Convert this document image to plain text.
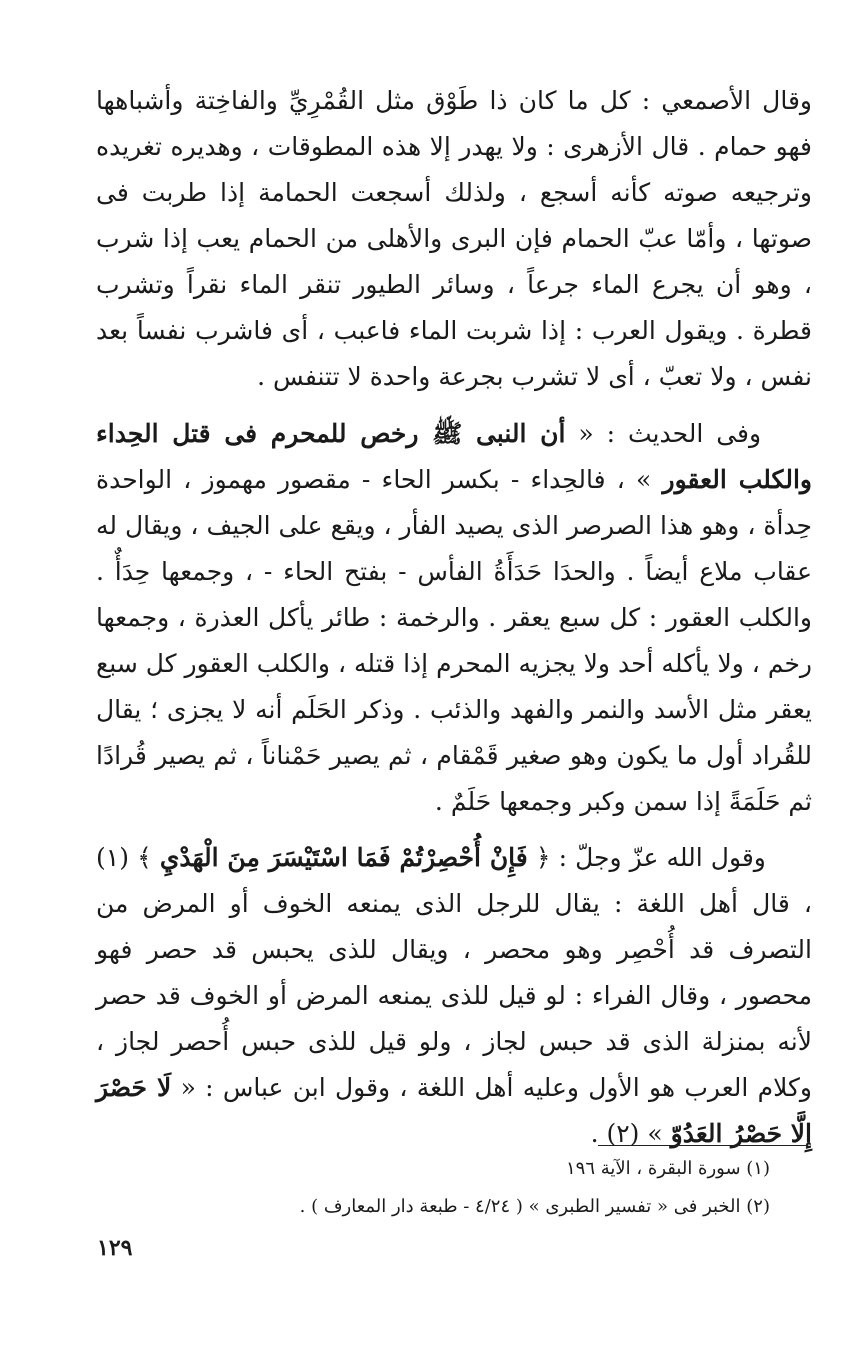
وقال الأصمعي : كل ما كان ذا طَوْق مثل القُمْرِيِّ والفاخِتة وأشباهها فهو حمام . قال الأزهرى : ولا يهدر إلا هذه المطوقات ، وهديره تغريده وترجيعه صوته كأنه أسجع ، ولذلك أسجعت الحمامة إذا طربت فى صوتها ، وأمّا عبّ الحمام فإن البرى والأهلى من الحمام يعب إذا شرب ، وهو أن يجرع الماء جرعاً ، وسائر الطيور تنقر الماء نقراً وتشرب قطرة . ويقول العرب : إذا شربت الماء فاعبب ، أى فاشرب نفساً بعد نفس ، ولا تعبّ ، أى لا تشرب بجرعة واحدة لا تتنفس .

وفى الحديث : « أن النبى ﷺ رخص للمحرم فى قتل الحِداء والكلب العقور » ، فالحِداء - بكسر الحاء - مقصور مهموز ، الواحدة حِدأة ، وهو هذا الصرصر الذى يصيد الفأر ، ويقع على الجيف ، ويقال له عقاب ملاع أيضاً . والحدَا حَدَأَةُ الفأس - بفتح الحاء - ، وجمعها حِدَأٌ . والكلب العقور : كل سبع يعقر . والرخمة : طائر يأكل العذرة ، وجمعها رخم ، ولا يأكله أحد ولا يجزيه المحرم إذا قتله ، والكلب العقور كل سبع يعقر مثل الأسد والنمر والفهد والذئب . وذكر الحَلَم أنه لا يجزى ؛ يقال للقُراد أول ما يكون وهو صغير قَمْقام ، ثم يصير حَمْناناً ، ثم يصير قُرادًا ثم حَلَمَةً إذا سمن وكبر وجمعها حَلَمٌ .

وقول الله عزّ وجلّ : ﴿ فَإِنْ أُحْصِرْتُمْ فَمَا اسْتَيْسَرَ مِنَ الْهَدْيِ ﴾ (١) ، قال أهل اللغة : يقال للرجل الذى يمنعه الخوف أو المرض من التصرف قد أُحْصِر وهو محصر ، ويقال للذى يحبس قد حصر فهو محصور ، وقال الفراء : لو قيل للذى يمنعه المرض أو الخوف قد حصر لأنه بمنزلة الذى قد حبس لجاز ، ولو قيل للذى حبس أُحصر لجاز ، وكلام العرب هو الأول وعليه أهل اللغة ، وقول ابن عباس : « لَا حَصْرَ إِلَّا حَصْرُ العَدُوّ » (٢) .

(١) سورة البقرة ، الآية ١٩٦
(٢) الخبر فى « تفسير الطبرى » ( ٤/٢٤ - طبعة دار المعارف ) .
١٢٩
